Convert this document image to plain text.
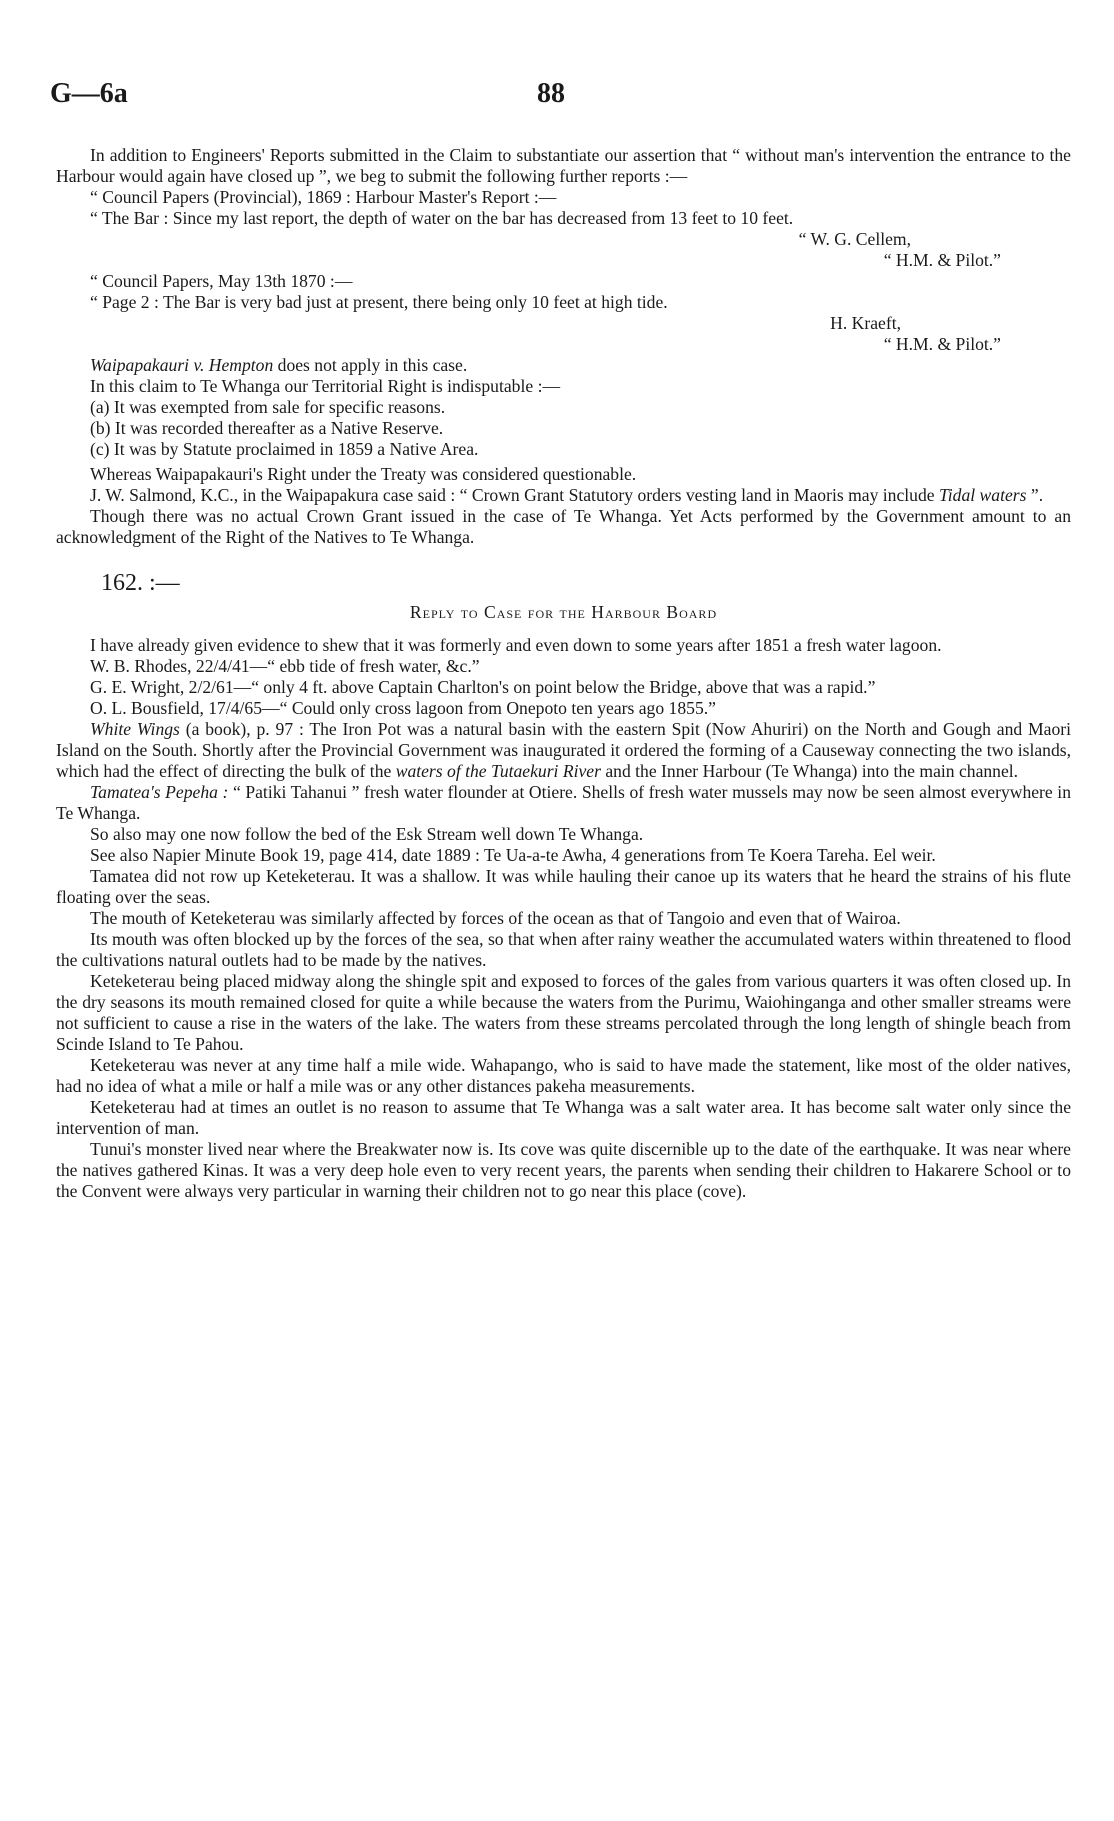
G—6a	88

In addition to Engineers' Reports submitted in the Claim to substantiate our assertion that “ without man's intervention the entrance to the Harbour would again have closed up ”, we beg to submit the following further reports :—

“ Council Papers (Provincial), 1869 : Harbour Master's Report :—

“ The Bar : Since my last report, the depth of water on the bar has decreased from 13 feet to 10 feet.

“ W. G. Cellem,

“ H.M. & Pilot.”

“ Council Papers, May 13th 1870 :—

“ Page 2 : The Bar is very bad just at present, there being only 10 feet at high tide.

H. Kraeft,

“ H.M. & Pilot.”

Waipapakauri v. Hempton does not apply in this case.

In this claim to Te Whanga our Territorial Right is indisputable :—

(a) It was exempted from sale for specific reasons.

(b) It was recorded thereafter as a Native Reserve.

(c) It was by Statute proclaimed in 1859 a Native Area.

Whereas Waipapakauri's Right under the Treaty was considered questionable.

J. W. Salmond, K.C., in the Waipapakura case said : “ Crown Grant Statutory orders vesting land in Maoris may include Tidal waters ”.

Though there was no actual Crown Grant issued in the case of Te Whanga. Yet Acts performed by the Government amount to an acknowledgment of the Right of the Natives to Te Whanga.

162. :—

Reply to Case for the Harbour Board

I have already given evidence to shew that it was formerly and even down to some years after 1851 a fresh water lagoon.

W. B. Rhodes, 22/4/41—“ ebb tide of fresh water, &c.”

G. E. Wright, 2/2/61—“ only 4 ft. above Captain Charlton's on point below the Bridge, above that was a rapid.”

O. L. Bousfield, 17/4/65—“ Could only cross lagoon from Onepoto ten years ago 1855.”

White Wings (a book), p. 97 : The Iron Pot was a natural basin with the eastern Spit (Now Ahuriri) on the North and Gough and Maori Island on the South. Shortly after the Provincial Government was inaugurated it ordered the forming of a Causeway connecting the two islands, which had the effect of directing the bulk of the waters of the Tutaekuri River and the Inner Harbour (Te Whanga) into the main channel.

Tamatea's Pepeha : “ Patiki Tahanui ” fresh water flounder at Otiere. Shells of fresh water mussels may now be seen almost everywhere in Te Whanga.

So also may one now follow the bed of the Esk Stream well down Te Whanga.

See also Napier Minute Book 19, page 414, date 1889 : Te Ua-a-te Awha, 4 generations from Te Koera Tareha. Eel weir.

Tamatea did not row up Keteketerau. It was a shallow. It was while hauling their canoe up its waters that he heard the strains of his flute floating over the seas.

The mouth of Keteketerau was similarly affected by forces of the ocean as that of Tangoio and even that of Wairoa.

Its mouth was often blocked up by the forces of the sea, so that when after rainy weather the accumulated waters within threatened to flood the cultivations natural outlets had to be made by the natives.

Keteketerau being placed midway along the shingle spit and exposed to forces of the gales from various quarters it was often closed up. In the dry seasons its mouth remained closed for quite a while because the waters from the Purimu, Waiohinganga and other smaller streams were not sufficient to cause a rise in the waters of the lake. The waters from these streams percolated through the long length of shingle beach from Scinde Island to Te Pahou.

Keteketerau was never at any time half a mile wide. Wahapango, who is said to have made the statement, like most of the older natives, had no idea of what a mile or half a mile was or any other distances pakeha measurements.

Keteketerau had at times an outlet is no reason to assume that Te Whanga was a salt water area. It has become salt water only since the intervention of man.

Tunui's monster lived near where the Breakwater now is. Its cove was quite discernible up to the date of the earthquake. It was near where the natives gathered Kinas. It was a very deep hole even to very recent years, the parents when sending their children to Hakarere School or to the Convent were always very particular in warning their children not to go near this place (cove).
